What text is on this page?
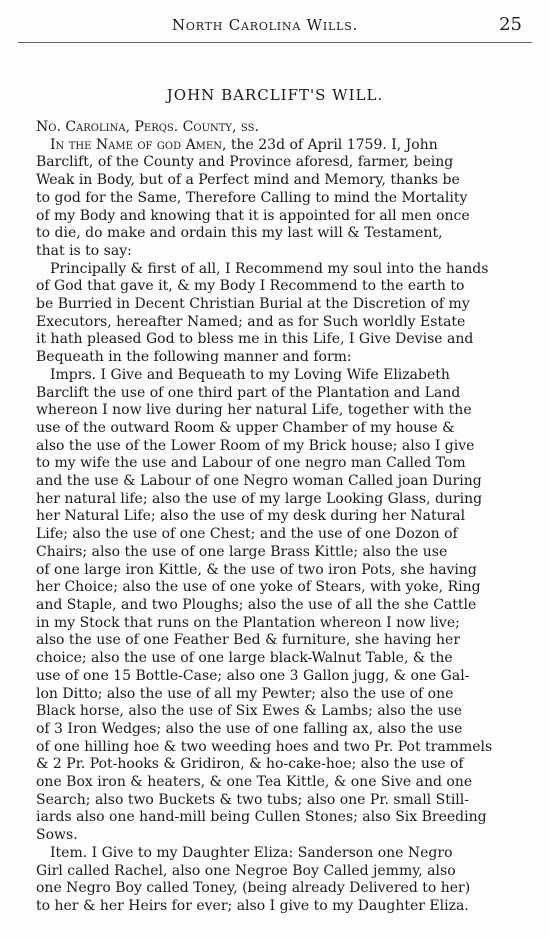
North Carolina Wills.	25
JOHN BARCLIFT'S WILL.
No. Carolina, Perqs. County, ss.
In the Name of god Amen, the 23d of April 1759. I, John
Barclift, of the County and Province aforesd, farmer, being
Weak in Body, but of a Perfect mind and Memory, thanks be
to god for the Same, Therefore Calling to mind the Mortality
of my Body and knowing that it is appointed for all men once
to die, do make and ordain this my last will & Testament,
that is to say:
Principally & first of all, I Recommend my soul into the hands
of God that gave it, & my Body I Recommend to the earth to
be Burried in Decent Christian Burial at the Discretion of my
Executors, hereafter Named; and as for Such worldly Estate
it hath pleased God to bless me in this Life, I Give Devise and
Bequeath in the following manner and form:
Imprs. I Give and Bequeath to my Loving Wife Elizabeth
Barclift the use of one third part of the Plantation and Land
whereon I now live during her natural Life, together with the
use of the outward Room & upper Chamber of my house &
also the use of the Lower Room of my Brick house; also I give
to my wife the use and Labour of one negro man Called Tom
and the use & Labour of one Negro woman Called joan During
her natural life; also the use of my large Looking Glass, during
her Natural Life; also the use of my desk during her Natural
Life; also the use of one Chest; and the use of one Dozon of
Chairs; also the use of one large Brass Kittle; also the use
of one large iron Kittle, & the use of two iron Pots, she having
her Choice; also the use of one yoke of Stears, with yoke, Ring
and Staple, and two Ploughs; also the use of all the she Cattle
in my Stock that runs on the Plantation whereon I now live;
also the use of one Feather Bed & furniture, she having her
choice; also the use of one large black-Walnut Table, & the
use of one 15 Bottle-Case; also one 3 Gallon jugg, & one Gal-
lon Ditto; also the use of all my Pewter; also the use of one
Black horse, also the use of Six Ewes & Lambs; also the use
of 3 Iron Wedges; also the use of one falling ax, also the use
of one hilling hoe & two weeding hoes and two Pr. Pot trammels
& 2 Pr. Pot-hooks & Gridiron, & ho-cake-hoe; also the use of
one Box iron & heaters, & one Tea Kittle, & one Sive and one
Search; also two Buckets & two tubs; also one Pr. small Still-
iards also one hand-mill being Cullen Stones; also Six Breeding
Sows.
Item. I Give to my Daughter Eliza: Sanderson one Negro
Girl called Rachel, also one Negroe Boy Called jemmy, also
one Negro Boy called Toney, (being already Delivered to her)
to her & her Heirs for ever; also I give to my Daughter Eliza.
